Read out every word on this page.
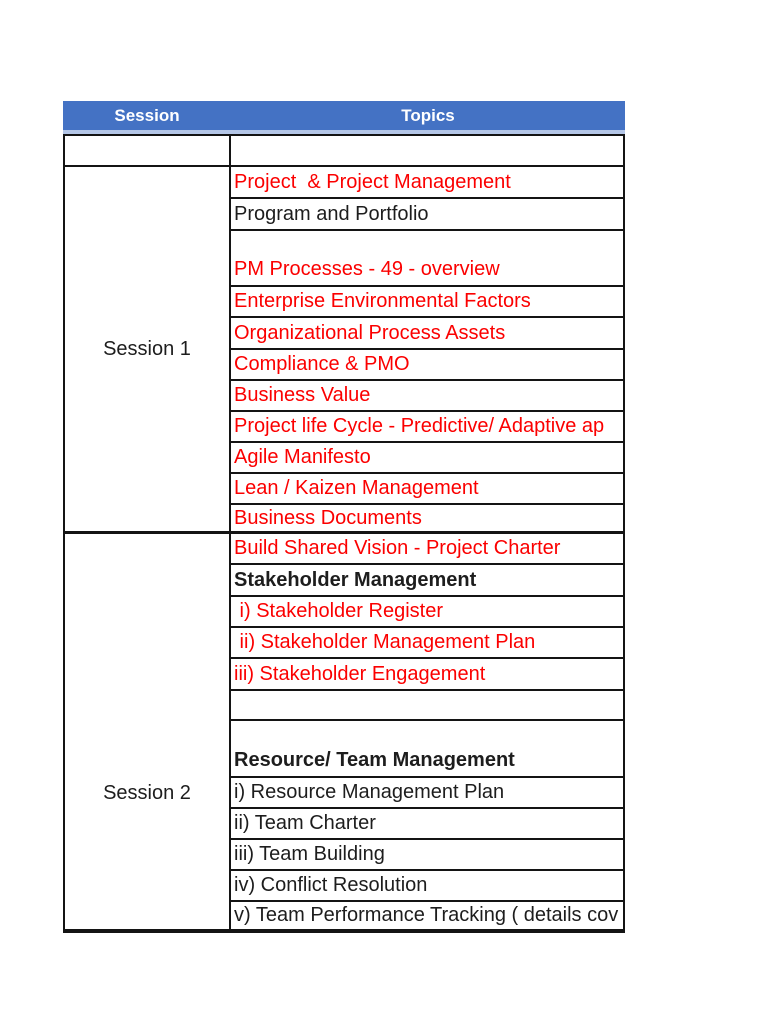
Session	Topics
Session 1
Session 2
Project  & Project Management
Program and Portfolio
PM Processes - 49 - overview
Enterprise Environmental Factors
Organizational Process Assets
Compliance & PMO
Business Value
Project life Cycle - Predictive/ Adaptive ap
Agile Manifesto
Lean / Kaizen Management
Business Documents
Build Shared Vision - Project Charter
Stakeholder Management
i) Stakeholder Register
ii) Stakeholder Management Plan
iii) Stakeholder Engagement
Resource/ Team Management
i) Resource Management Plan
ii) Team Charter
iii) Team Building
iv) Conflict Resolution
v) Team Performance Tracking ( details cov
